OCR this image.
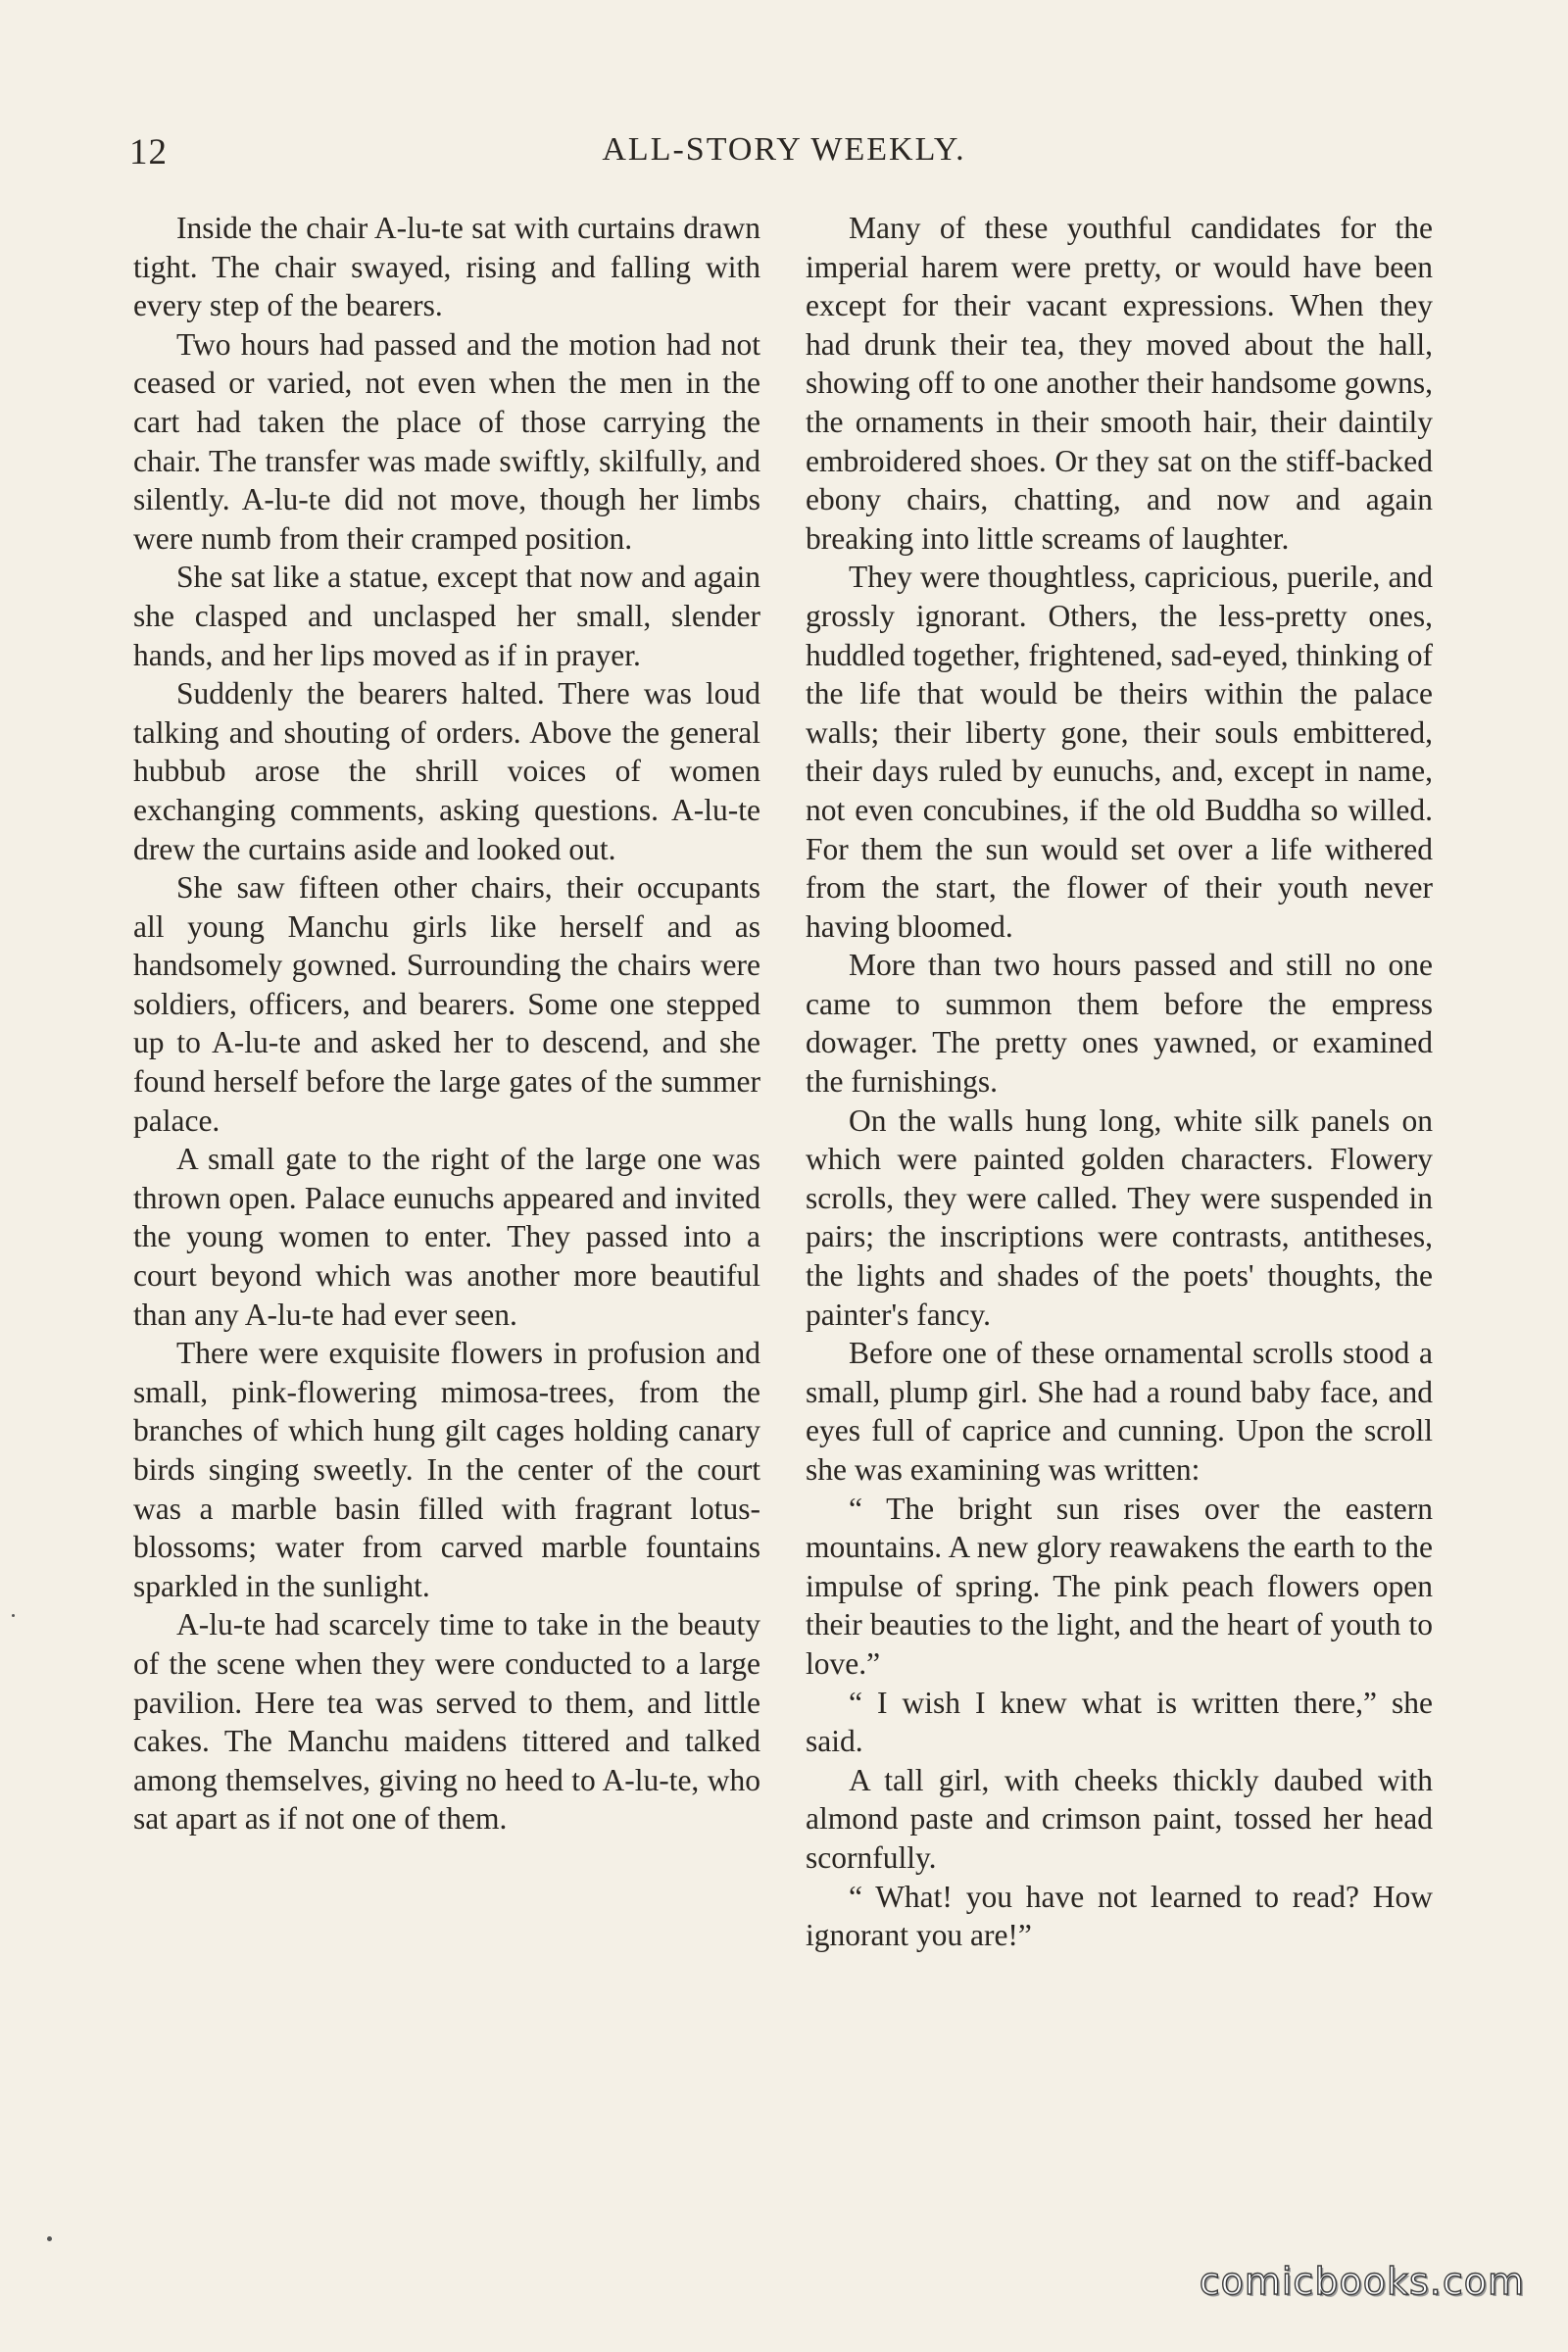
12	ALL-STORY WEEKLY.

Inside the chair A-lu-te sat with curtains drawn tight. The chair swayed, rising and falling with every step of the bearers.

Two hours had passed and the motion had not ceased or varied, not even when the men in the cart had taken the place of those carrying the chair. The transfer was made swiftly, skilfully, and silently. A-lu-te did not move, though her limbs were numb from their cramped position.

She sat like a statue, except that now and again she clasped and unclasped her small, slender hands, and her lips moved as if in prayer.

Suddenly the bearers halted. There was loud talking and shouting of orders. Above the general hubbub arose the shrill voices of women exchanging comments, asking questions. A-lu-te drew the curtains aside and looked out.

She saw fifteen other chairs, their occupants all young Manchu girls like herself and as handsomely gowned. Surrounding the chairs were soldiers, officers, and bearers. Some one stepped up to A-lu-te and asked her to descend, and she found herself before the large gates of the summer palace.

A small gate to the right of the large one was thrown open. Palace eunuchs appeared and invited the young women to enter. They passed into a court beyond which was another more beautiful than any A-lu-te had ever seen.

There were exquisite flowers in profusion and small, pink-flowering mimosa-trees, from the branches of which hung gilt cages holding canary birds singing sweetly. In the center of the court was a marble basin filled with fragrant lotus-blossoms; water from carved marble fountains sparkled in the sunlight.

A-lu-te had scarcely time to take in the beauty of the scene when they were conducted to a large pavilion. Here tea was served to them, and little cakes. The Manchu maidens tittered and talked among themselves, giving no heed to A-lu-te, who sat apart as if not one of them.

Many of these youthful candidates for the imperial harem were pretty, or would have been except for their vacant expressions. When they had drunk their tea, they moved about the hall, showing off to one another their handsome gowns, the ornaments in their smooth hair, their daintily embroidered shoes. Or they sat on the stiff-backed ebony chairs, chatting, and now and again breaking into little screams of laughter.

They were thoughtless, capricious, puerile, and grossly ignorant. Others, the less-pretty ones, huddled together, frightened, sad-eyed, thinking of the life that would be theirs within the palace walls; their liberty gone, their souls embittered, their days ruled by eunuchs, and, except in name, not even concubines, if the old Buddha so willed. For them the sun would set over a life withered from the start, the flower of their youth never having bloomed.

More than two hours passed and still no one came to summon them before the empress dowager. The pretty ones yawned, or examined the furnishings.

On the walls hung long, white silk panels on which were painted golden characters. Flowery scrolls, they were called. They were suspended in pairs; the inscriptions were contrasts, antitheses, the lights and shades of the poets' thoughts, the painter's fancy.

Before one of these ornamental scrolls stood a small, plump girl. She had a round baby face, and eyes full of caprice and cunning. Upon the scroll she was examining was written:

“ The bright sun rises over the eastern mountains. A new glory reawakens the earth to the impulse of spring. The pink peach flowers open their beauties to the light, and the heart of youth to love.”

“ I wish I knew what is written there,” she said.

A tall girl, with cheeks thickly daubed with almond paste and crimson paint, tossed her head scornfully.

“ What! you have not learned to read? How ignorant you are!”

comicbooks.com
